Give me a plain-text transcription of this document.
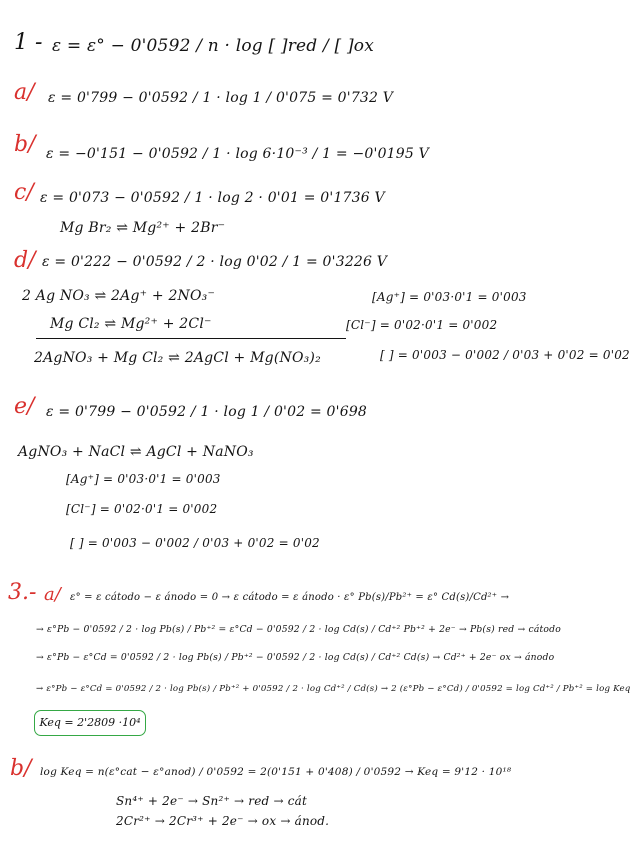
1 - ε = ε° − 0'0592 / n · log [ ]red / [ ]ox
a/ ε = 0'799 − 0'0592 / 1 · log 1 / 0'075 = 0'732 V
b/ ε = −0'151 − 0'0592 / 1 · log 6·10⁻³ / 1 = −0'0195 V
c/ ε = 0'073 − 0'0592 / 1 · log 2 · 0'01 = 0'1736 V
Mg Br₂ ⇌ Mg²⁺ + 2Br⁻
d/ ε = 0'222 − 0'0592 / 2 · log 0'02 / 1 = 0'3226 V
2 Ag NO₃ ⇌ 2Ag⁺ + 2NO₃⁻
Mg Cl₂ ⇌ Mg²⁺ + 2Cl⁻
2AgNO₃ + Mg Cl₂ ⇌ 2AgCl + Mg(NO₃)₂
[Ag⁺] = 0'03·0'1 = 0'003
[Cl⁻] = 0'02·0'1 = 0'002
[ ] = 0'003 − 0'002 / 0'03 + 0'02 = 0'02
e/ ε = 0'799 − 0'0592 / 1 · log 1 / 0'02 = 0'698
AgNO₃ + NaCl ⇌ AgCl + NaNO₃
[Ag⁺] = 0'03·0'1 = 0'003
[Cl⁻] = 0'02·0'1 = 0'002
[ ] = 0'003 − 0'002 / 0'03 + 0'02 = 0'02
3.- a/ ε° = ε cátodo − ε ánodo = 0 → ε cátodo = ε ánodo · ε° Pb(s)/Pb²⁺ = ε° Cd(s)/Cd²⁺ →
→ ε°Pb − 0'0592 / 2 · log Pb(s) / Pb⁺² = ε°Cd − 0'0592 / 2 · log Cd(s) / Cd⁺² Pb⁺² + 2e⁻ → Pb(s) red → cátodo
→ ε°Pb − ε°Cd = 0'0592 / 2 · log Pb(s) / Pb⁺² − 0'0592 / 2 · log Cd(s) / Cd⁺² Cd(s) → Cd²⁺ + 2e⁻ ox → ánodo
→ ε°Pb − ε°Cd = 0'0592 / 2 · log Pb(s) / Pb⁺² + 0'0592 / 2 · log Cd⁺² / Cd(s) → 2 (ε°Pb − ε°Cd) / 0'0592 = log Cd⁺² / Pb⁺² = log Keq
Keq = 2'2809 ·10⁴
b/ log Keq = n(ε°cat − ε°anod) / 0'0592 = 2(0'151 + 0'408) / 0'0592 → Keq = 9'12 · 10¹⁸
Sn⁴⁺ + 2e⁻ → Sn²⁺ → red → cát
2Cr²⁺ → 2Cr³⁺ + 2e⁻ → ox → ánod.
